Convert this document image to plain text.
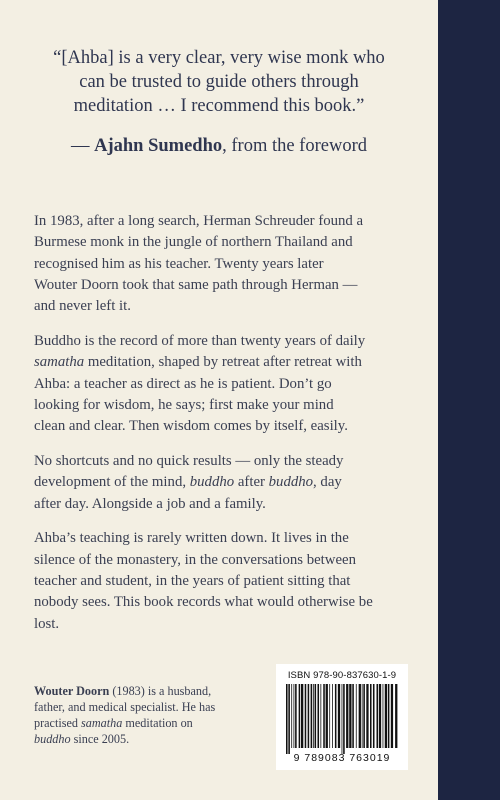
“[Ahba] is a very clear, very wise monk who
can be trusted to guide others through
meditation … I recommend this book.”
— Ajahn Sumedho, from the foreword
In 1983, after a long search, Herman Schreuder found a
Burmese monk in the jungle of northern Thailand and
recognised him as his teacher. Twenty years later
Wouter Doorn took that same path through Herman —
and never left it.
Buddho is the record of more than twenty years of daily
samatha meditation, shaped by retreat after retreat with
Ahba: a teacher as direct as he is patient. Don’t go
looking for wisdom, he says; first make your mind
clean and clear. Then wisdom comes by itself, easily.
No shortcuts and no quick results — only the steady
development of the mind, buddho after buddho, day
after day. Alongside a job and a family.
Ahba’s teaching is rarely written down. It lives in the
silence of the monastery, in the conversations between
teacher and student, in the years of patient sitting that
nobody sees. This book records what would otherwise be
lost.
Wouter Doorn (1983) is a husband,
father, and medical specialist. He has
practised samatha meditation on
buddho since 2005.
ISBN 978-90-837630-1-9
9 789083 763019
